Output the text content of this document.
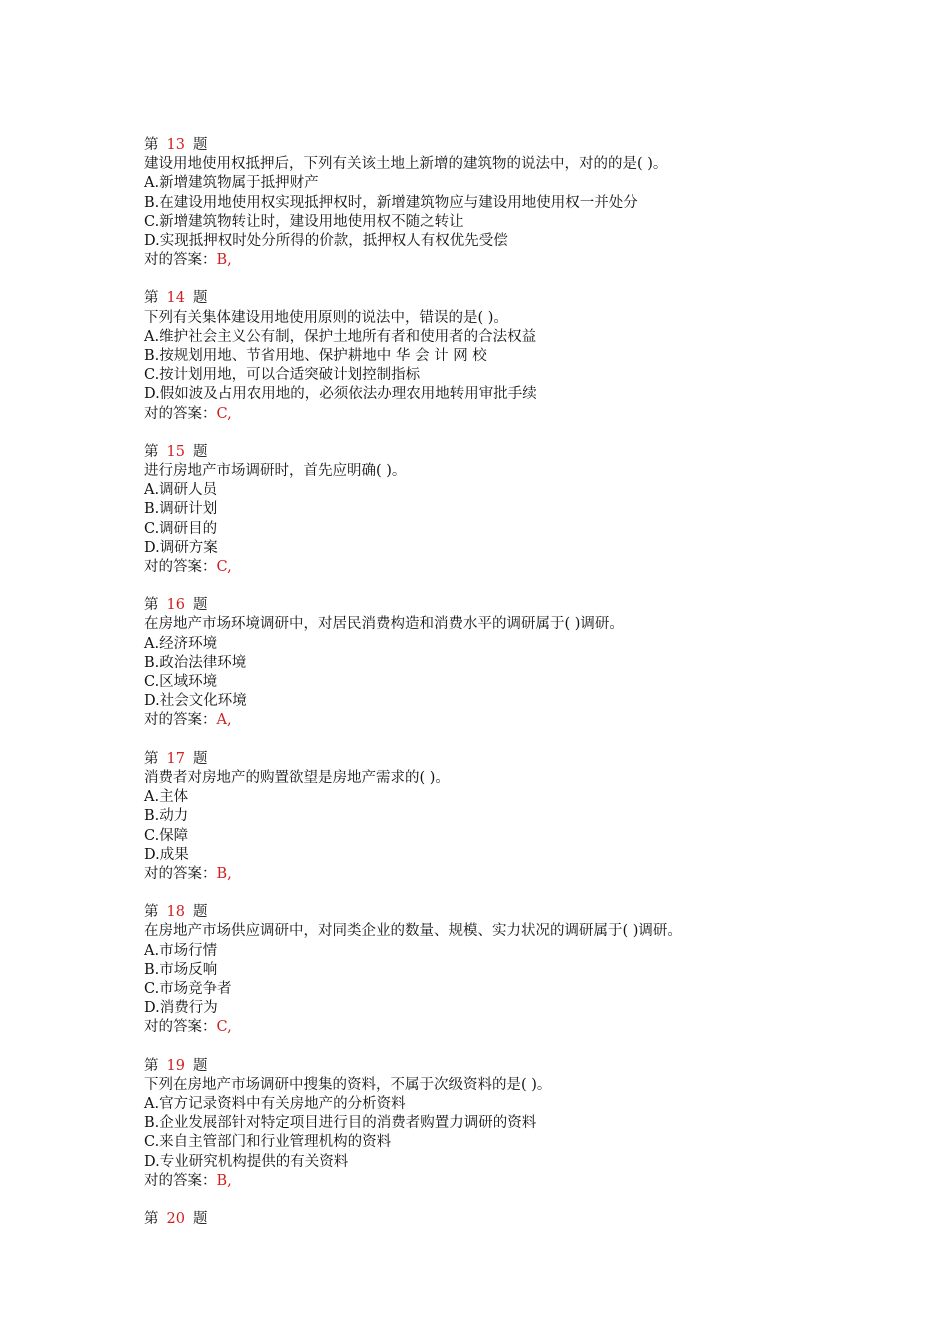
第 13 题
建设用地使用权抵押后，下列有关该土地上新增的建筑物的说法中，对的的是( )。
A.新增建筑物属于抵押财产
B.在建设用地使用权实现抵押权时，新增建筑物应与建设用地使用权一并处分
C.新增建筑物转让时，建设用地使用权不随之转让
D.实现抵押权时处分所得的价款，抵押权人有权优先受偿
对的答案：B,
第 14 题
下列有关集体建设用地使用原则的说法中，错误的是( )。
A.维护社会主义公有制，保护土地所有者和使用者的合法权益
B.按规划用地、节省用地、保护耕地中 华 会 计 网 校
C.按计划用地，可以合适突破计划控制指标
D.假如波及占用农用地的，必须依法办理农用地转用审批手续
对的答案：C,
第 15 题
进行房地产市场调研时，首先应明确( )。
A.调研人员
B.调研计划
C.调研目的
D.调研方案
对的答案：C,
第 16 题
在房地产市场环境调研中，对居民消费构造和消费水平的调研属于( )调研。
A.经济环境
B.政治法律环境
C.区域环境
D.社会文化环境
对的答案：A,
第 17 题
消费者对房地产的购置欲望是房地产需求的( )。
A.主体
B.动力
C.保障
D.成果
对的答案：B,
第 18 题
在房地产市场供应调研中，对同类企业的数量、规模、实力状况的调研属于( )调研。
A.市场行情
B.市场反响
C.市场竞争者
D.消费行为
对的答案：C,
第 19 题
下列在房地产市场调研中搜集的资料，不属于次级资料的是( )。
A.官方记录资料中有关房地产的分析资料
B.企业发展部针对特定项目进行目的消费者购置力调研的资料
C.来自主管部门和行业管理机构的资料
D.专业研究机构提供的有关资料
对的答案：B,
第 20 题
